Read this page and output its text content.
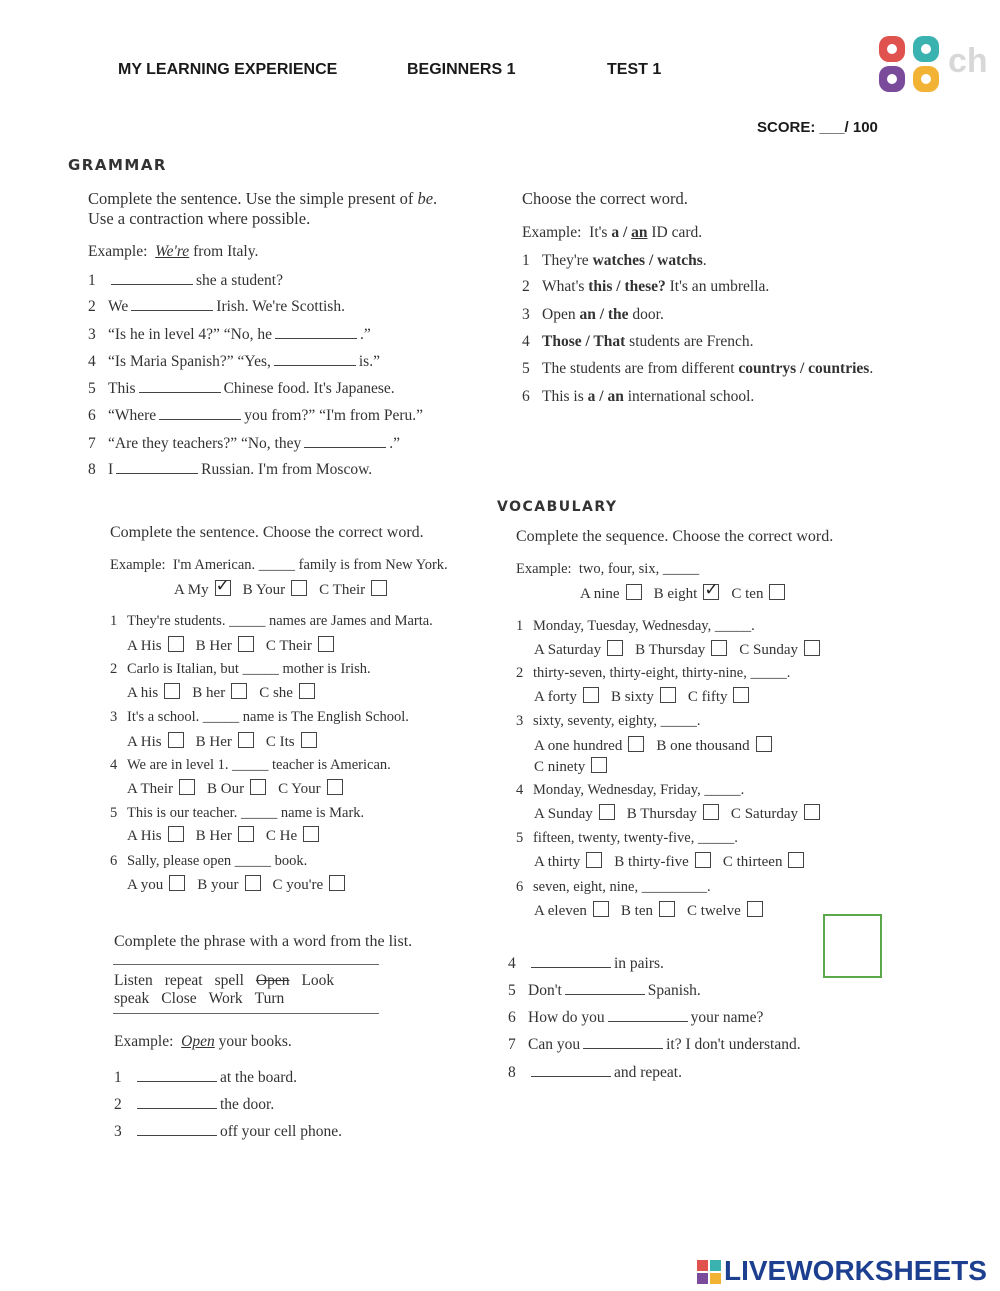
MY LEARNING EXPERIENCE	BEGINNERS 1	TEST 1	ch
SCORE: ___/ 100
GRAMMAR
Complete the sentence. Use the simple present of be.
Use a contraction where possible.
Example: We're from Italy.
1	she a student?
2 We	Irish. We're Scottish.
3 “Is he in level 4?” “No, he	.”
4 “Is Maria Spanish?” “Yes,	is.”
5 This	Chinese food. It's Japanese.
6 “Where	you from?” “I'm from Peru.”
7 “Are they teachers?” “No, they	.”
8 I	Russian. I'm from Moscow.
Choose the correct word.
Example: It's a / an ID card.
1 They're watches / watchs.
2 What's this / these? It's an umbrella.
3 Open an / the door.
4 Those / That students are French.
5 The students are from different countrys / countries.
6 This is a / an international school.
VOCABULARY
Complete the sentence. Choose the correct word.
Example: I'm American. _____ family is from New York.
A My ✓ B Your C Their
1 They're students. _____ names are James and Marta.
A His B Her C Their
2 Carlo is Italian, but _____ mother is Irish.
A his B her C she
3 It's a school. _____ name is The English School.
A His B Her C Its
4 We are in level 1. _____ teacher is American.
A Their B Our C Your
5 This is our teacher. _____ name is Mark.
A His B Her C He
6 Sally, please open _____ book.
A you B your C you're
Complete the sequence. Choose the correct word.
Example: two, four, six, _____
A nine B eight ✓ C ten
1 Monday, Tuesday, Wednesday, _____.
A Saturday B Thursday C Sunday
2 thirty-seven, thirty-eight, thirty-nine, _____.
A forty B sixty C fifty
3 sixty, seventy, eighty, _____.
A one hundred B one thousand
C ninety
4 Monday, Wednesday, Friday, _____.
A Sunday B Thursday C Saturday
5 fifteen, twenty, twenty-five, _____.
A thirty B thirty-five C thirteen
6 seven, eight, nine, _________.
A eleven B ten C twelve
Complete the phrase with a word from the list.
Listen repeat spell Open Look
speak Close Work Turn
Example: Open your books.
1	at the board.
2	the door.
3	off your cell phone.
4	in pairs.
5 Don't	Spanish.
6 How do you	your name?
7 Can you	it? I don't understand.
8	and repeat.
LIVEWORKSHEETS
